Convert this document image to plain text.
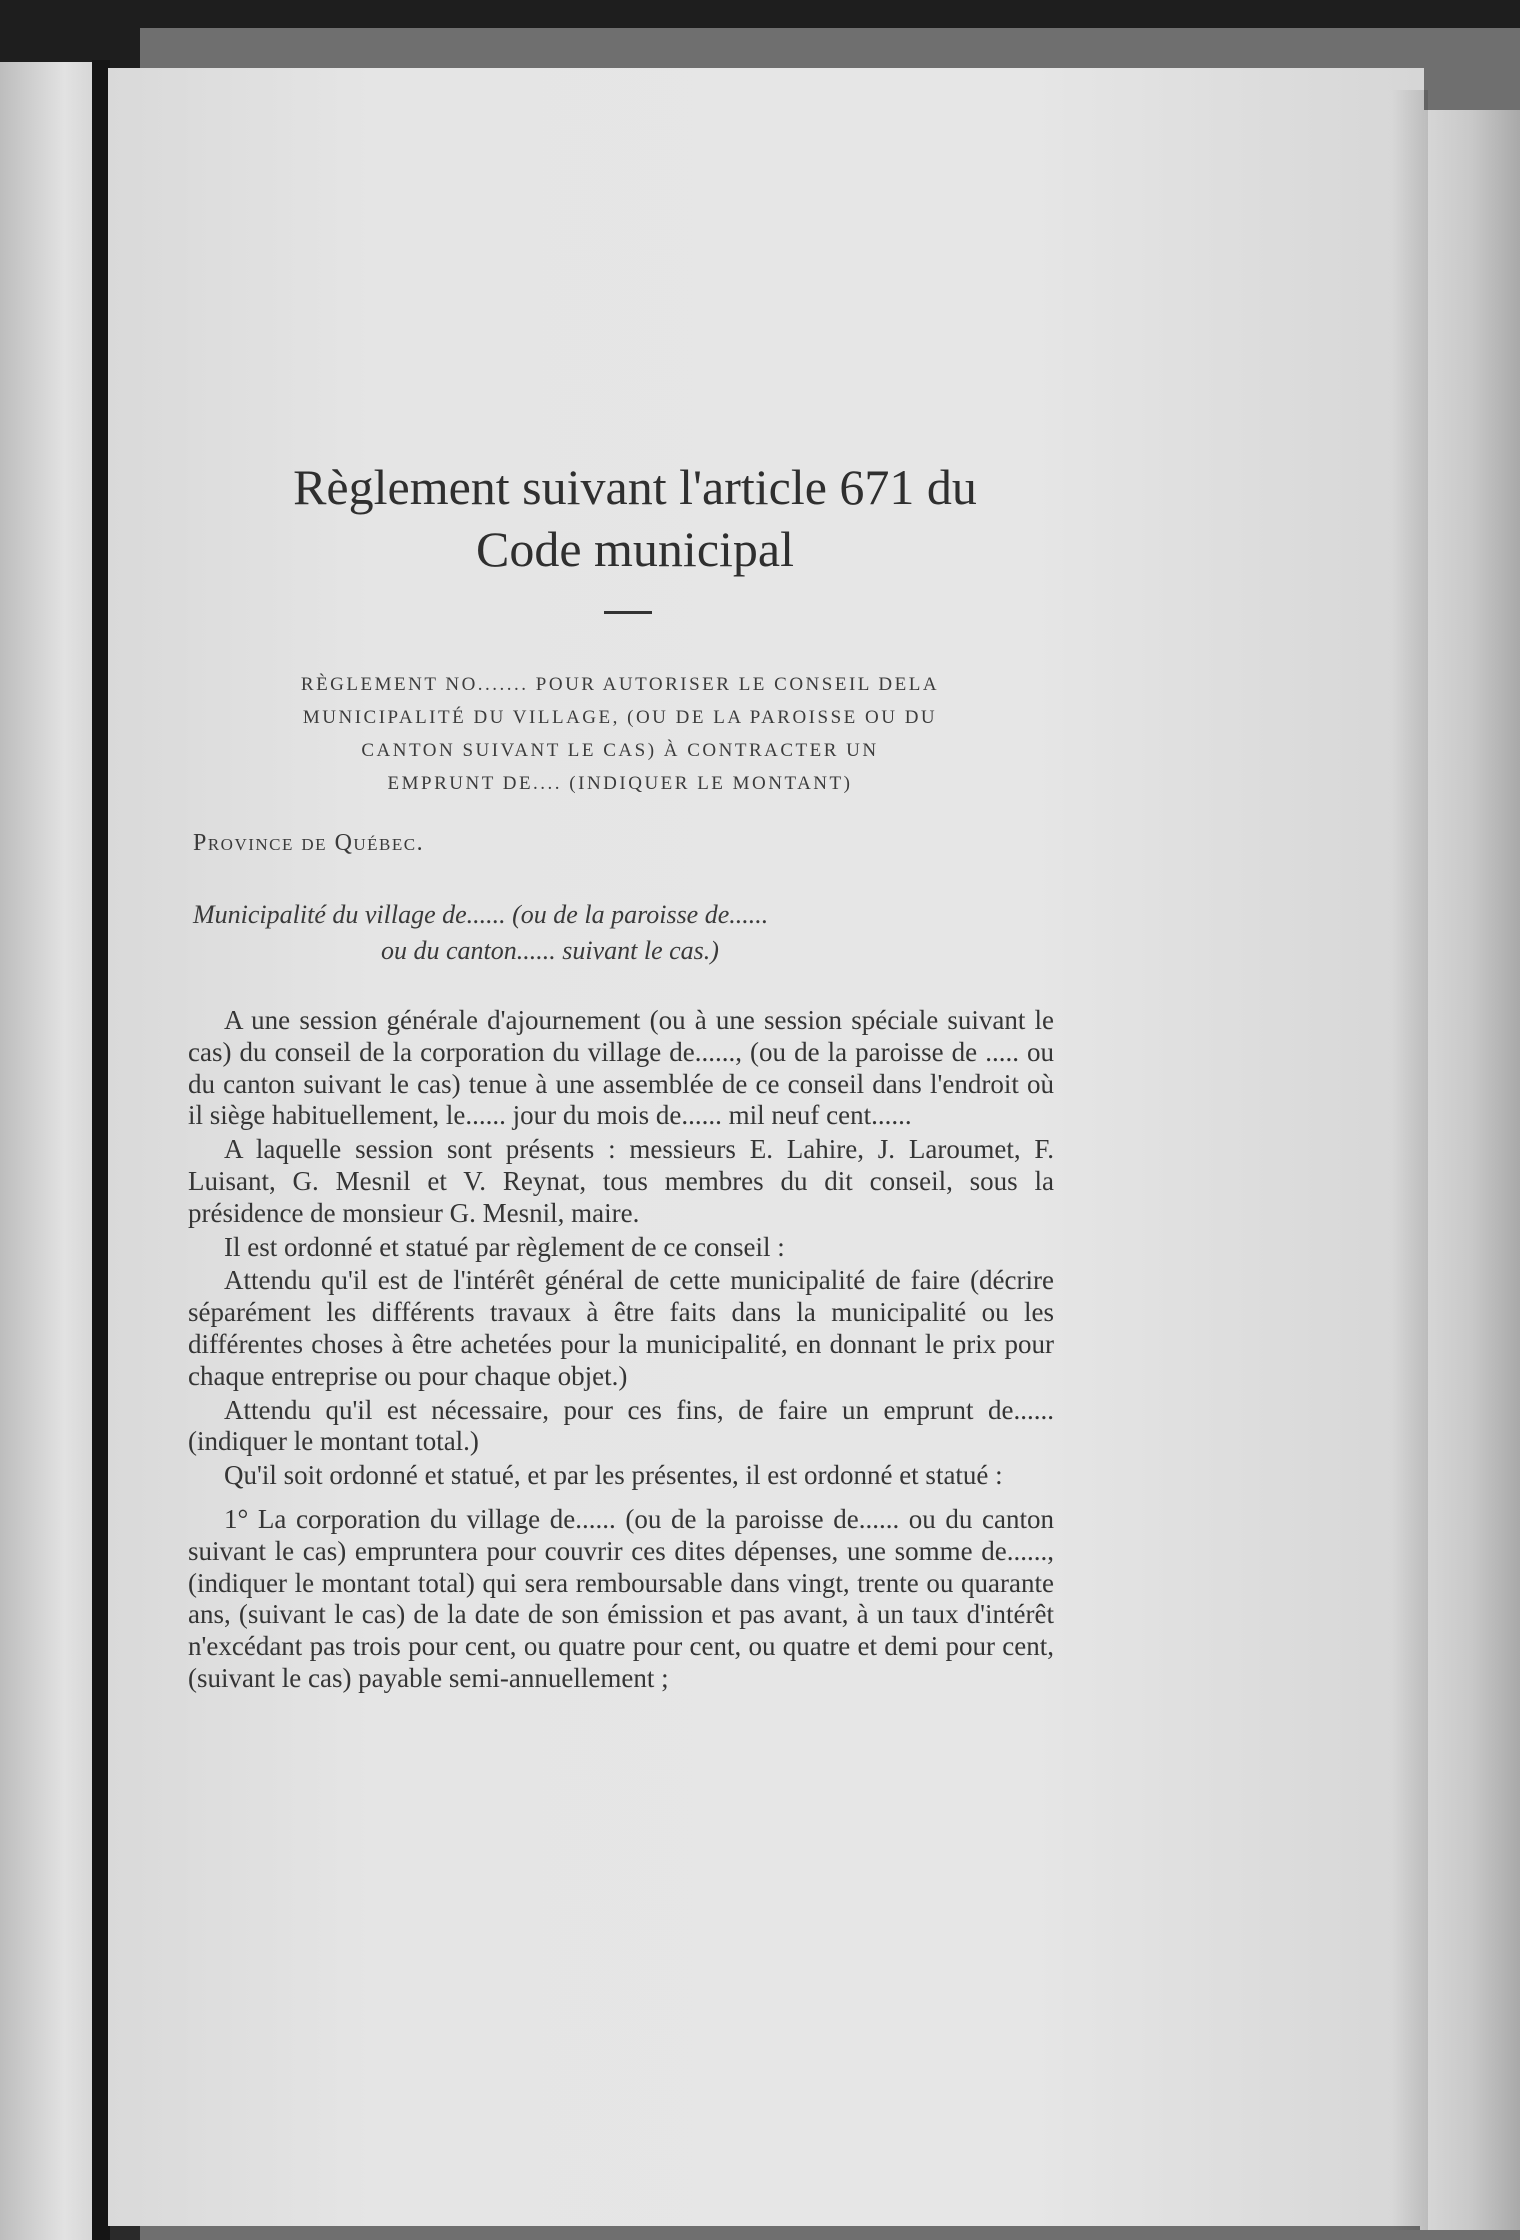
Règlement suivant l'article 671 du
Code municipal
RÈGLEMENT NO....... POUR AUTORISER LE CONSEIL DELA
MUNICIPALITÉ DU VILLAGE, (OU DE LA PAROISSE OU DU
CANTON SUIVANT LE CAS) À CONTRACTER UN
EMPRUNT DE.... (INDIQUER LE MONTANT)
Province de Québec.
Municipalité du village de...... (ou de la paroisse de......
ou du canton...... suivant le cas.)

A une session générale d'ajournement (ou à une session spéciale suivant le cas) du conseil de la corporation du village de......, (ou de la paroisse de ..... ou du canton suivant le cas) tenue à une assemblée de ce conseil dans l'endroit où il siège habituellement, le...... jour du mois de...... mil neuf cent......

A laquelle session sont présents : messieurs E. Lahire, J. Laroumet, F. Luisant, G. Mesnil et V. Reynat, tous membres du dit conseil, sous la présidence de monsieur G. Mesnil, maire.

Il est ordonné et statué par règlement de ce conseil :

Attendu qu'il est de l'intérêt général de cette municipalité de faire (décrire séparément les différents travaux à être faits dans la municipalité ou les différentes choses à être achetées pour la municipalité, en donnant le prix pour chaque entreprise ou pour chaque objet.)

Attendu qu'il est nécessaire, pour ces fins, de faire un emprunt de...... (indiquer le montant total.)

Qu'il soit ordonné et statué, et par les présentes, il est ordonné et statué :

1° La corporation du village de...... (ou de la paroisse de...... ou du canton suivant le cas) empruntera pour couvrir ces dites dépenses, une somme de......, (indiquer le montant total) qui sera remboursable dans vingt, trente ou quarante ans, (suivant le cas) de la date de son émission et pas avant, à un taux d'intérêt n'excédant pas trois pour cent, ou quatre pour cent, ou quatre et demi pour cent, (suivant le cas) payable semi-annuellement ;
